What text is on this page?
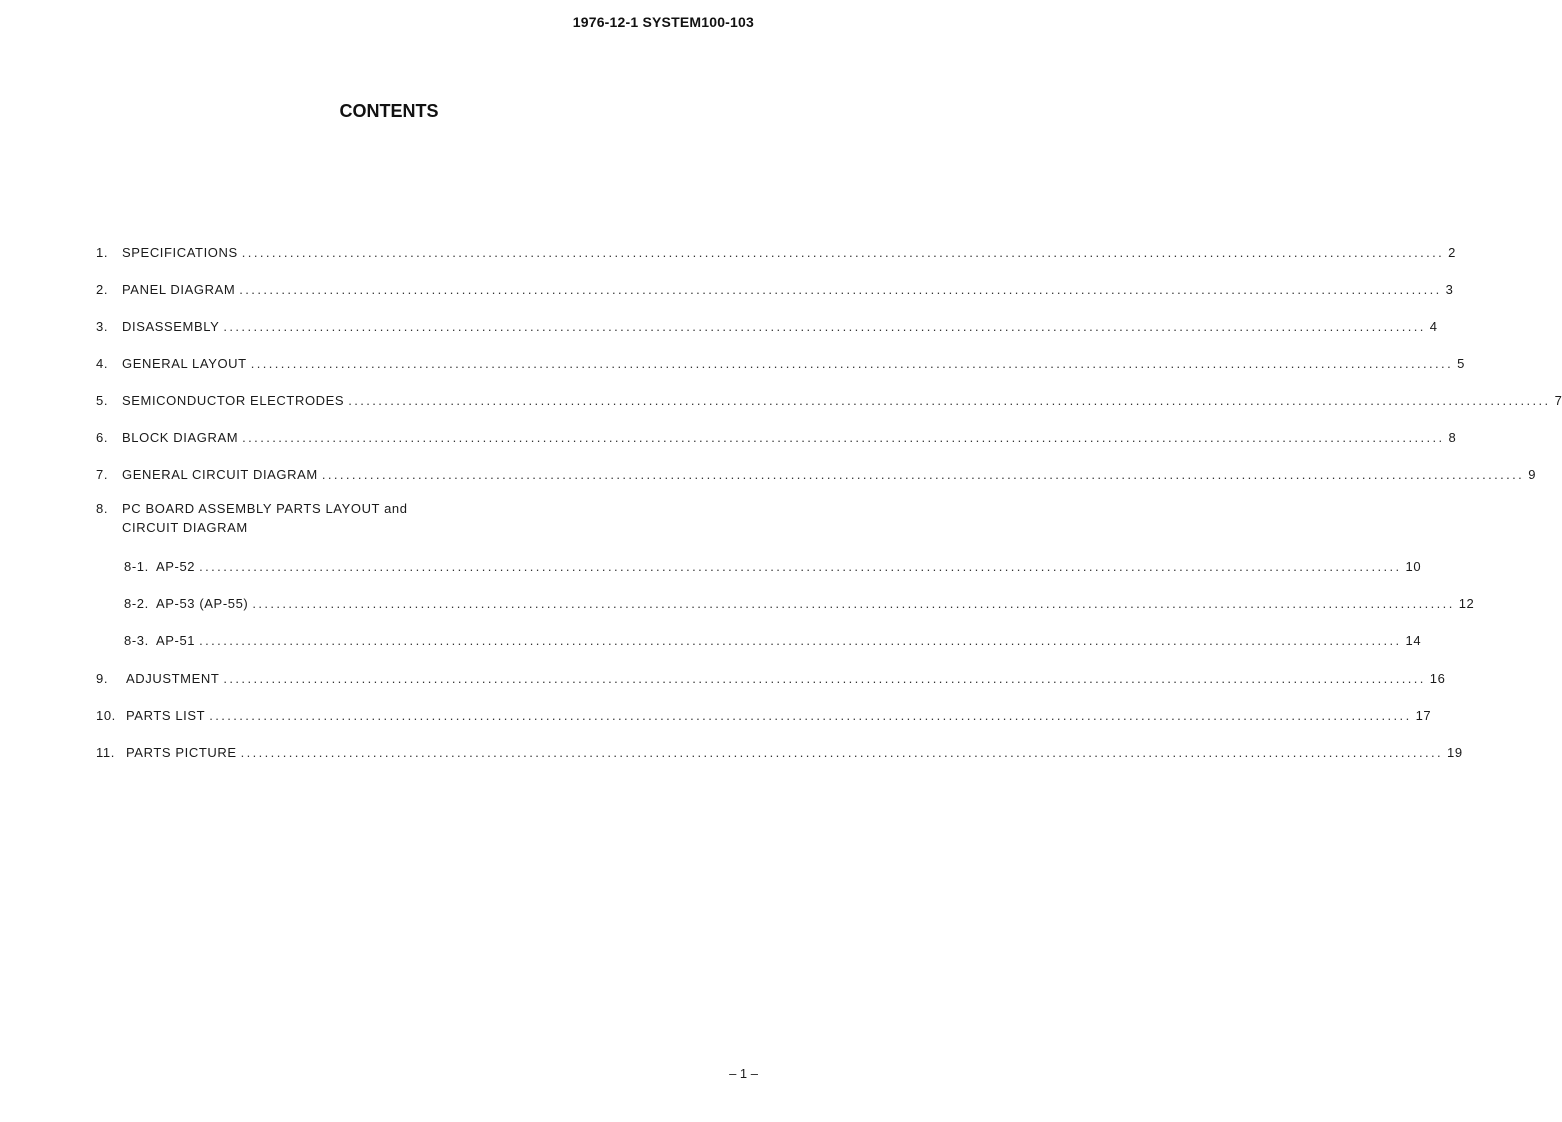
1976-12-1 SYSTEM100-103
CONTENTS
1.	SPECIFICATIONS ........................................................................................................................................................................................................ 2
2.	PANEL DIAGRAM ........................................................................................................................................................................................................ 3
3.	DISASSEMBLY ........................................................................................................................................................................................................ 4
4.	GENERAL LAYOUT ........................................................................................................................................................................................................ 5
5.	SEMICONDUCTOR ELECTRODES ........................................................................................................................................................................................................ 7
6.	BLOCK DIAGRAM ........................................................................................................................................................................................................ 8
7.	GENERAL CIRCUIT DIAGRAM ........................................................................................................................................................................................................ 9
8.	PC BOARD ASSEMBLY PARTS LAYOUT and
CIRCUIT DIAGRAM
8-1. AP-52 ........................................................................................................................................................................................................ 10
8-2. AP-53 (AP-55) ........................................................................................................................................................................................................ 12
8-3. AP-51 ........................................................................................................................................................................................................ 14
9.	ADJUSTMENT ........................................................................................................................................................................................................ 16
10. PARTS LIST ........................................................................................................................................................................................................ 17
11. PARTS PICTURE ........................................................................................................................................................................................................ 19
– 1 –
